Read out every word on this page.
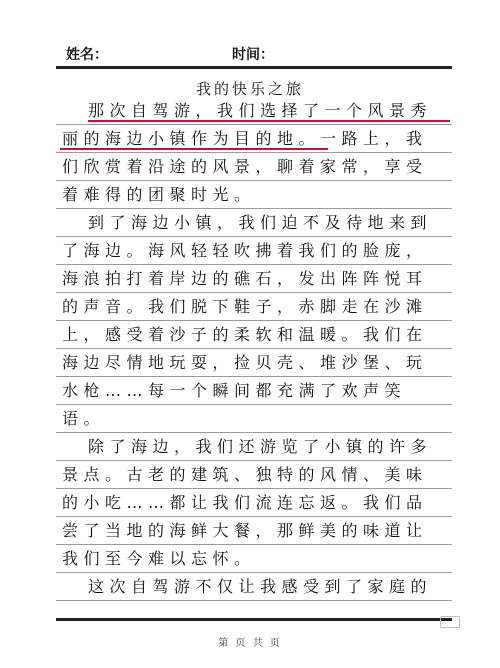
姓名：	时间：
我的快乐之旅
那次自驾游，我们选择了一个风景秀
丽的海边小镇作为目的地。一路上，我
们欣赏着沿途的风景，聊着家常，享受
着难得的团聚时光。
到了海边小镇，我们迫不及待地来到
了海边。海风轻轻吹拂着我们的脸庞，
海浪拍打着岸边的礁石，发出阵阵悦耳
的声音。我们脱下鞋子，赤脚走在沙滩
上，感受着沙子的柔软和温暖。我们在
海边尽情地玩耍，捡贝壳、堆沙堡、玩
水枪……每一个瞬间都充满了欢声笑
语。
除了海边，我们还游览了小镇的许多
景点。古老的建筑、独特的风情、美味
的小吃……都让我们流连忘返。我们品
尝了当地的海鲜大餐，那鲜美的味道让
我们至今难以忘怀。
这次自驾游不仅让我感受到了家庭的
第 页 共 页
